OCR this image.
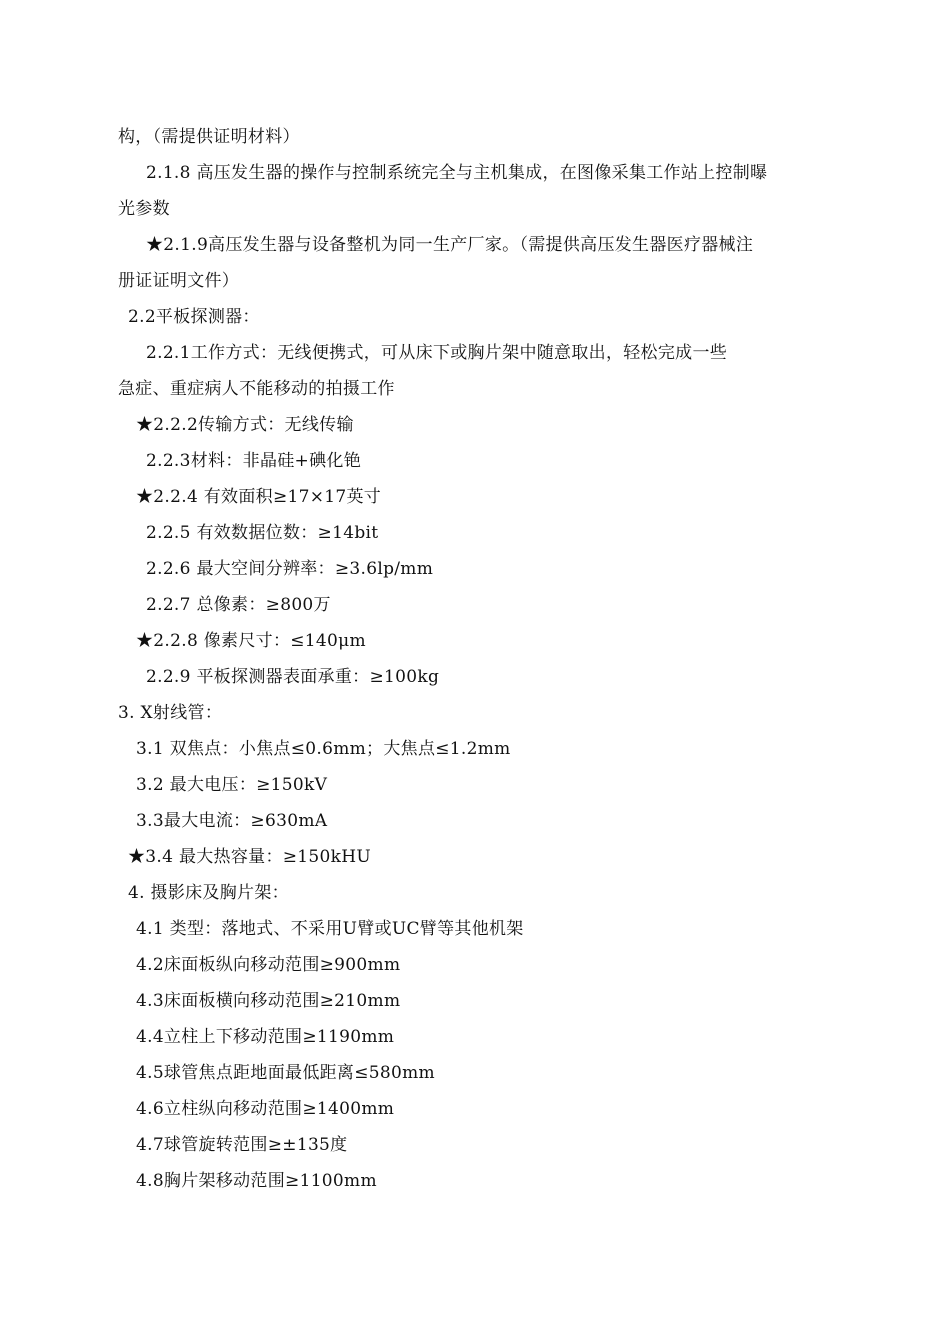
构，（需提供证明材料）
2.1.8 高压发生器的操作与控制系统完全与主机集成，在图像采集工作站上控制曝
光参数
★2.1.9高压发生器与设备整机为同一生产厂家。（需提供高压发生器医疗器械注
册证证明文件）
2.2平板探测器：
2.2.1工作方式：无线便携式，可从床下或胸片架中随意取出，轻松完成一些
急症、重症病人不能移动的拍摄工作
★2.2.2传输方式：无线传输
2.2.3材料：非晶硅+碘化铯
★2.2.4 有效面积≥17×17英寸
2.2.5 有效数据位数：≥14bit
2.2.6 最大空间分辨率：≥3.6lp/mm
2.2.7 总像素：≥800万
★2.2.8 像素尺寸：≤140μm
2.2.9 平板探测器表面承重：≥100kg
3. X射线管：
3.1 双焦点：小焦点≤0.6mm；大焦点≤1.2mm
3.2 最大电压：≥150kV
3.3最大电流：≥630mA
★3.4 最大热容量：≥150kHU
4. 摄影床及胸片架：
4.1 类型：落地式、不采用U臂或UC臂等其他机架
4.2床面板纵向移动范围≥900mm
4.3床面板横向移动范围≥210mm
4.4立柱上下移动范围≥1190mm
4.5球管焦点距地面最低距离≤580mm
4.6立柱纵向移动范围≥1400mm
4.7球管旋转范围≥±135度
4.8胸片架移动范围≥1100mm
